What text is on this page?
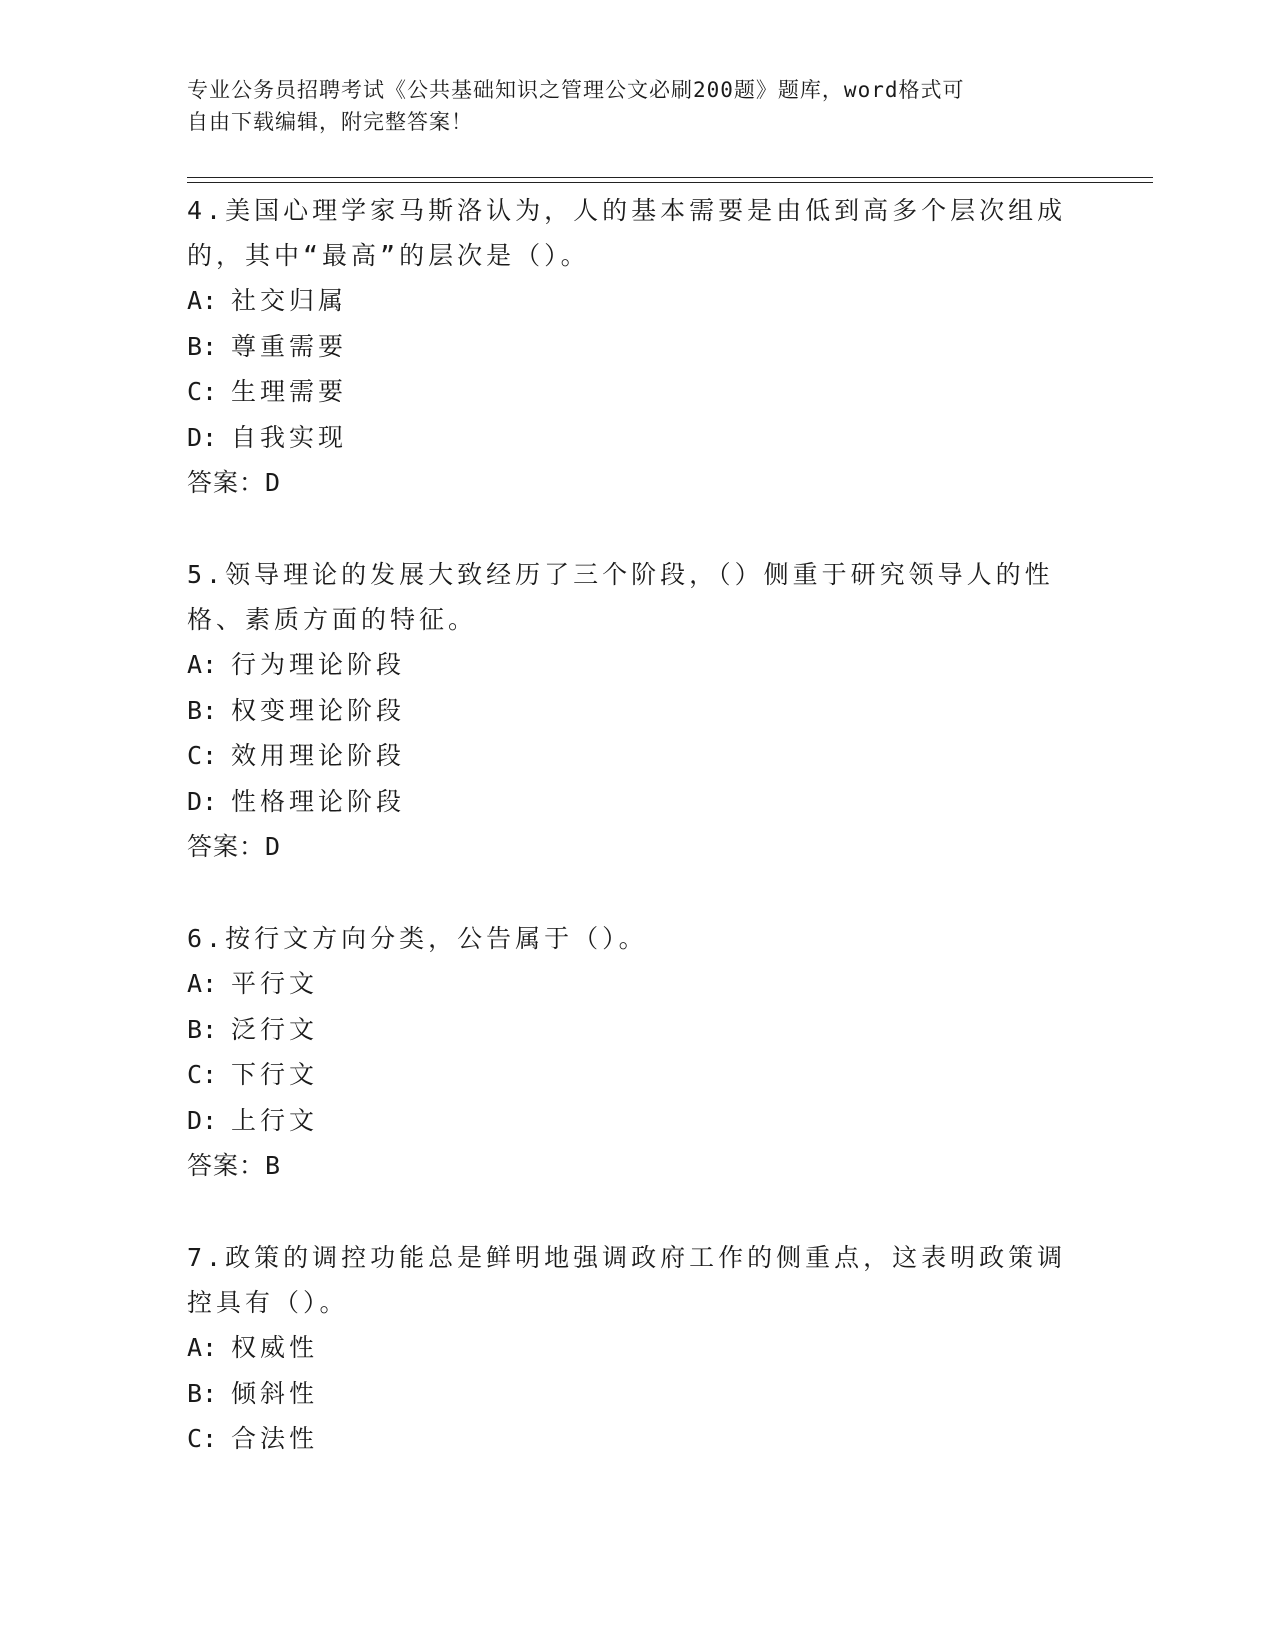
专业公务员招聘考试《公共基础知识之管理公文必刷200题》题库，word格式可
自由下载编辑，附完整答案！

4.美国心理学家马斯洛认为，人的基本需要是由低到高多个层次组成

的，其中“最高”的层次是（）。

A: 社交归属

B: 尊重需要

C: 生理需要

D: 自我实现

答案：D

5.领导理论的发展大致经历了三个阶段，（）侧重于研究领导人的性

格、素质方面的特征。

A: 行为理论阶段

B: 权变理论阶段

C: 效用理论阶段

D: 性格理论阶段

答案：D

6.按行文方向分类，公告属于（）。

A: 平行文

B: 泛行文

C: 下行文

D: 上行文

答案：B

7.政策的调控功能总是鲜明地强调政府工作的侧重点，这表明政策调

控具有（）。

A: 权威性

B: 倾斜性

C: 合法性
